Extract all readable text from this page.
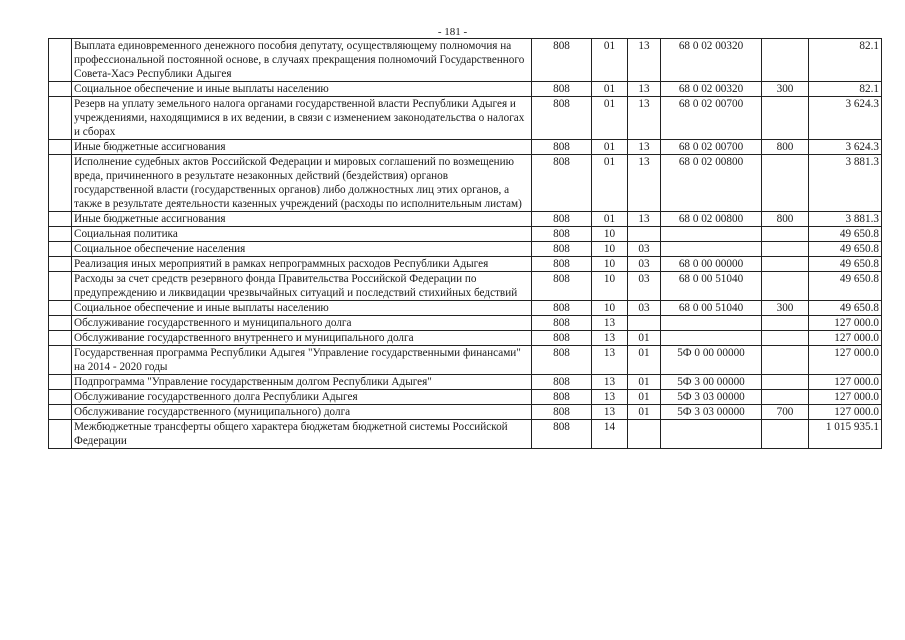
- 181 -
	Выплата единовременного денежного пособия депутату, осуществляющему полномочия на профессиональной постоянной основе, в случаях прекращения полномочий Государственного Совета-Хасэ Республики Адыгея	808	01	13	68 0 02 00320		82.1
	Социальное обеспечение и иные выплаты населению	808	01	13	68 0 02 00320	300	82.1
	Резерв на уплату земельного налога органами государственной власти Республики Адыгея и учреждениями, находящимися в их ведении, в связи с изменением законодательства о налогах и сборах	808	01	13	68 0 02 00700		3 624.3
	Иные бюджетные ассигнования	808	01	13	68 0 02 00700	800	3 624.3
	Исполнение судебных актов Российской Федерации и мировых соглашений по возмещению вреда, причиненного в результате незаконных действий (бездействия) органов государственной власти (государственных органов) либо должностных лиц этих органов, а также в результате деятельности казенных учреждений (расходы по исполнительным листам)	808	01	13	68 0 02 00800		3 881.3
	Иные бюджетные ассигнования	808	01	13	68 0 02 00800	800	3 881.3
	Социальная политика	808	10				49 650.8
	Социальное обеспечение населения	808	10	03			49 650.8
	Реализация иных мероприятий в рамках непрограммных расходов Республики Адыгея	808	10	03	68 0 00 00000		49 650.8
	Расходы за счет средств резервного фонда Правительства Российской Федерации по предупреждению и ликвидации чрезвычайных ситуаций и последствий стихийных бедствий	808	10	03	68 0 00 51040		49 650.8
	Социальное обеспечение и иные выплаты населению	808	10	03	68 0 00 51040	300	49 650.8
	Обслуживание государственного и муниципального долга	808	13				127 000.0
	Обслуживание государственного внутреннего и муниципального долга	808	13	01			127 000.0
	Государственная программа Республики Адыгея "Управление государственными финансами" на 2014 - 2020 годы	808	13	01	5Ф 0 00 00000		127 000.0
	Подпрограмма "Управление государственным долгом Республики Адыгея"	808	13	01	5Ф 3 00 00000		127 000.0
	Обслуживание государственного долга Республики Адыгея	808	13	01	5Ф 3 03 00000		127 000.0
	Обслуживание государственного (муниципального) долга	808	13	01	5Ф 3 03 00000	700	127 000.0
	Межбюджетные трансферты общего характера бюджетам бюджетной системы Российской Федерации	808	14				1 015 935.1
